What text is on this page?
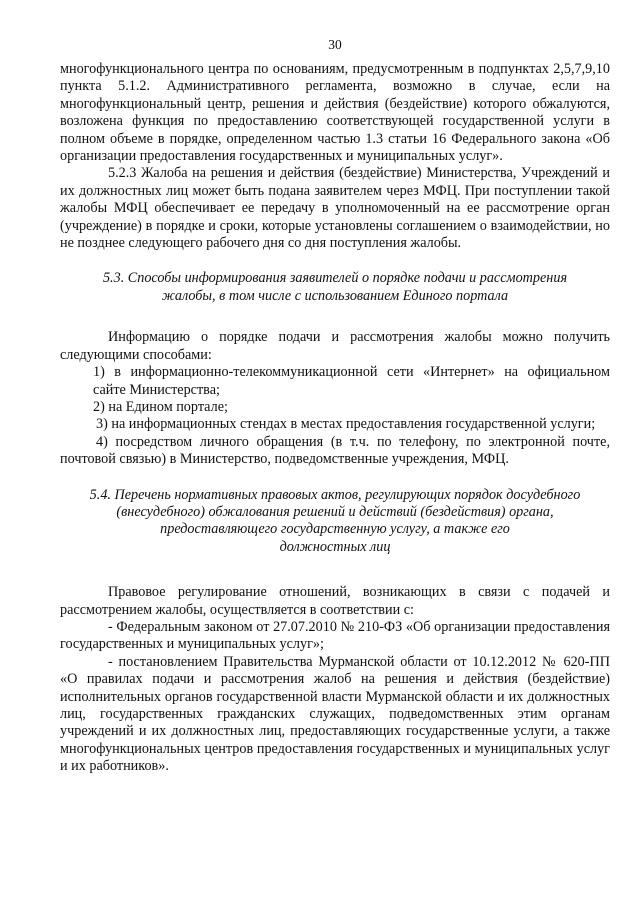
30

многофункционального центра по основаниям, предусмотренным в подпунктах 2,5,7,9,10 пункта 5.1.2. Административного регламента, возможно в случае, если на многофункциональный центр, решения и действия (бездействие) которого обжалуются, возложена функция по предоставлению соответствующей государственной услуги в полном объеме в порядке, определенном частью 1.3 статьи 16 Федерального закона «Об организации предоставления государственных и муниципальных услуг».

5.2.3 Жалоба на решения и действия (бездействие) Министерства, Учреждений и их должностных лиц может быть подана заявителем через МФЦ. При поступлении такой жалобы МФЦ обеспечивает ее передачу в уполномоченный на ее рассмотрение орган (учреждение) в порядке и сроки, которые установлены соглашением о взаимодействии, но не позднее следующего рабочего дня со дня поступления жалобы.

5.3. Способы информирования заявителей о порядке подачи и рассмотрения
жалобы, в том числе с использованием Единого портала

Информацию о порядке подачи и рассмотрения жалобы можно получить следующими способами:

1) в информационно-телекоммуникационной сети «Интернет» на официальном сайте Министерства;

2) на Едином портале;

3) на информационных стендах в местах предоставления государственной услуги;

4) посредством личного обращения (в т.ч. по телефону, по электронной почте, почтовой связью) в Министерство, подведомственные учреждения, МФЦ.

5.4. Перечень нормативных правовых актов, регулирующих порядок досудебного
(внесудебного) обжалования решений и действий (бездействия) органа,
предоставляющего государственную услугу, а также его
должностных лиц

Правовое регулирование отношений, возникающих в связи с подачей и рассмотрением жалобы, осуществляется в соответствии с:

- Федеральным законом от 27.07.2010 № 210-ФЗ «Об организации предоставления государственных и муниципальных услуг»;

- постановлением Правительства Мурманской области от 10.12.2012 № 620-ПП «О правилах подачи и рассмотрения жалоб на решения и действия (бездействие) исполнительных органов государственной власти Мурманской области и их должностных лиц, государственных гражданских служащих, подведомственных этим органам учреждений и их должностных лиц, предоставляющих государственные услуги, а также многофункциональных центров предоставления государственных и муниципальных услуг и их работников».
